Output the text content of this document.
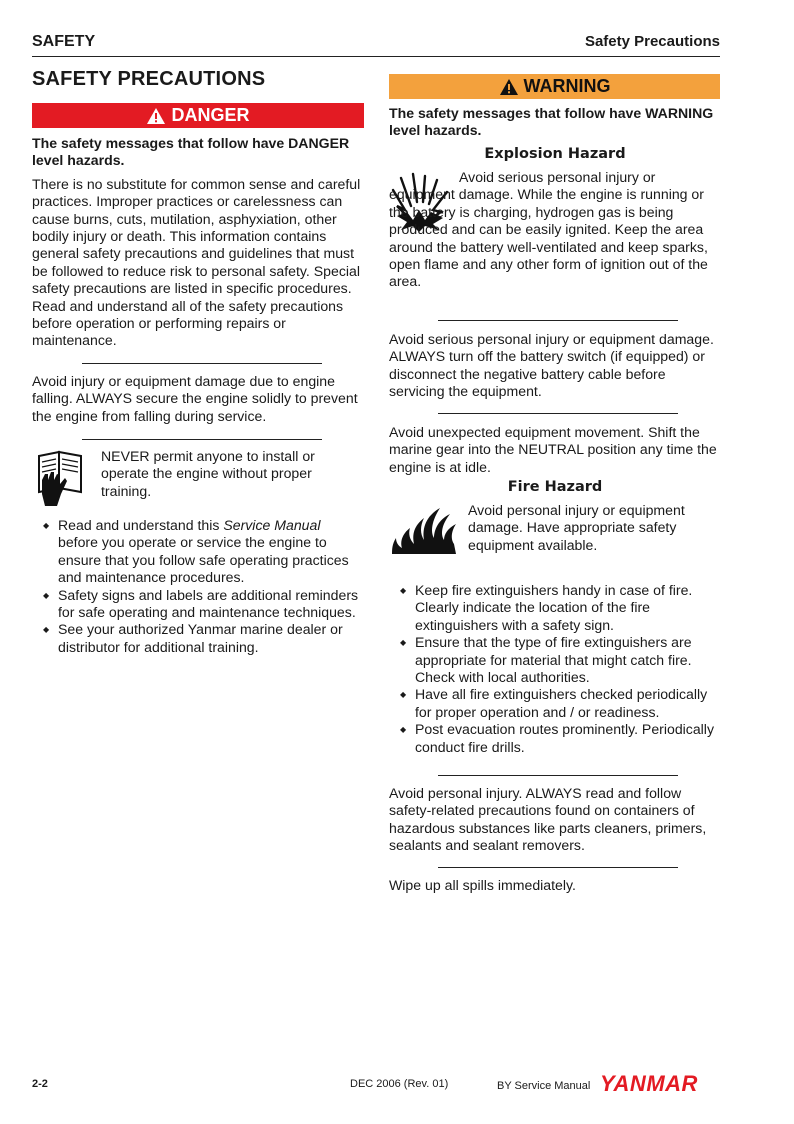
SAFETY	Safety Precautions
SAFETY PRECAUTIONS
DANGER

The safety messages that follow have DANGER level hazards.

There is no substitute for common sense and careful practices. Improper practices or carelessness can cause burns, cuts, mutilation, asphyxiation, other bodily injury or death. This information contains general safety precautions and guidelines that must be followed to reduce risk to personal safety. Special safety precautions are listed in specific procedures. Read and understand all of the safety precautions before operation or performing repairs or maintenance.

Avoid injury or equipment damage due to engine falling. ALWAYS secure the engine solidly to prevent the engine from falling during service.
NEVER permit anyone to install or operate the engine without proper training.
◆ Read and understand this Service Manual before you operate or service the engine to ensure that you follow safe operating practices and maintenance procedures.
◆ Safety signs and labels are additional reminders for safe operating and maintenance techniques.
◆ See your authorized Yanmar marine dealer or distributor for additional training.
WARNING

The safety messages that follow have WARNING level hazards.

Explosion Hazard

Avoid serious personal injury or equipment damage. While the engine is running or the battery is charging, hydrogen gas is being produced and can be easily ignited. Keep the area around the battery well-ventilated and keep sparks, open flame and any other form of ignition out of the area.

Avoid serious personal injury or equipment damage. ALWAYS turn off the battery switch (if equipped) or disconnect the negative battery cable before servicing the equipment.
Avoid unexpected equipment movement. Shift the marine gear into the NEUTRAL position any time the engine is at idle.
Fire Hazard
Avoid personal injury or equipment damage. Have appropriate safety equipment available.
◆ Keep fire extinguishers handy in case of fire. Clearly indicate the location of the fire extinguishers with a safety sign.
◆ Ensure that the type of fire extinguishers are appropriate for material that might catch fire. Check with local authorities.
◆ Have all fire extinguishers checked periodically for proper operation and / or readiness.
◆ Post evacuation routes prominently. Periodically conduct fire drills.
Avoid personal injury. ALWAYS read and follow safety-related precautions found on containers of hazardous substances like parts cleaners, primers, sealants and sealant removers.
Wipe up all spills immediately.
2-2	DEC 2006 (Rev. 01)	BY Service Manual YANMAR
